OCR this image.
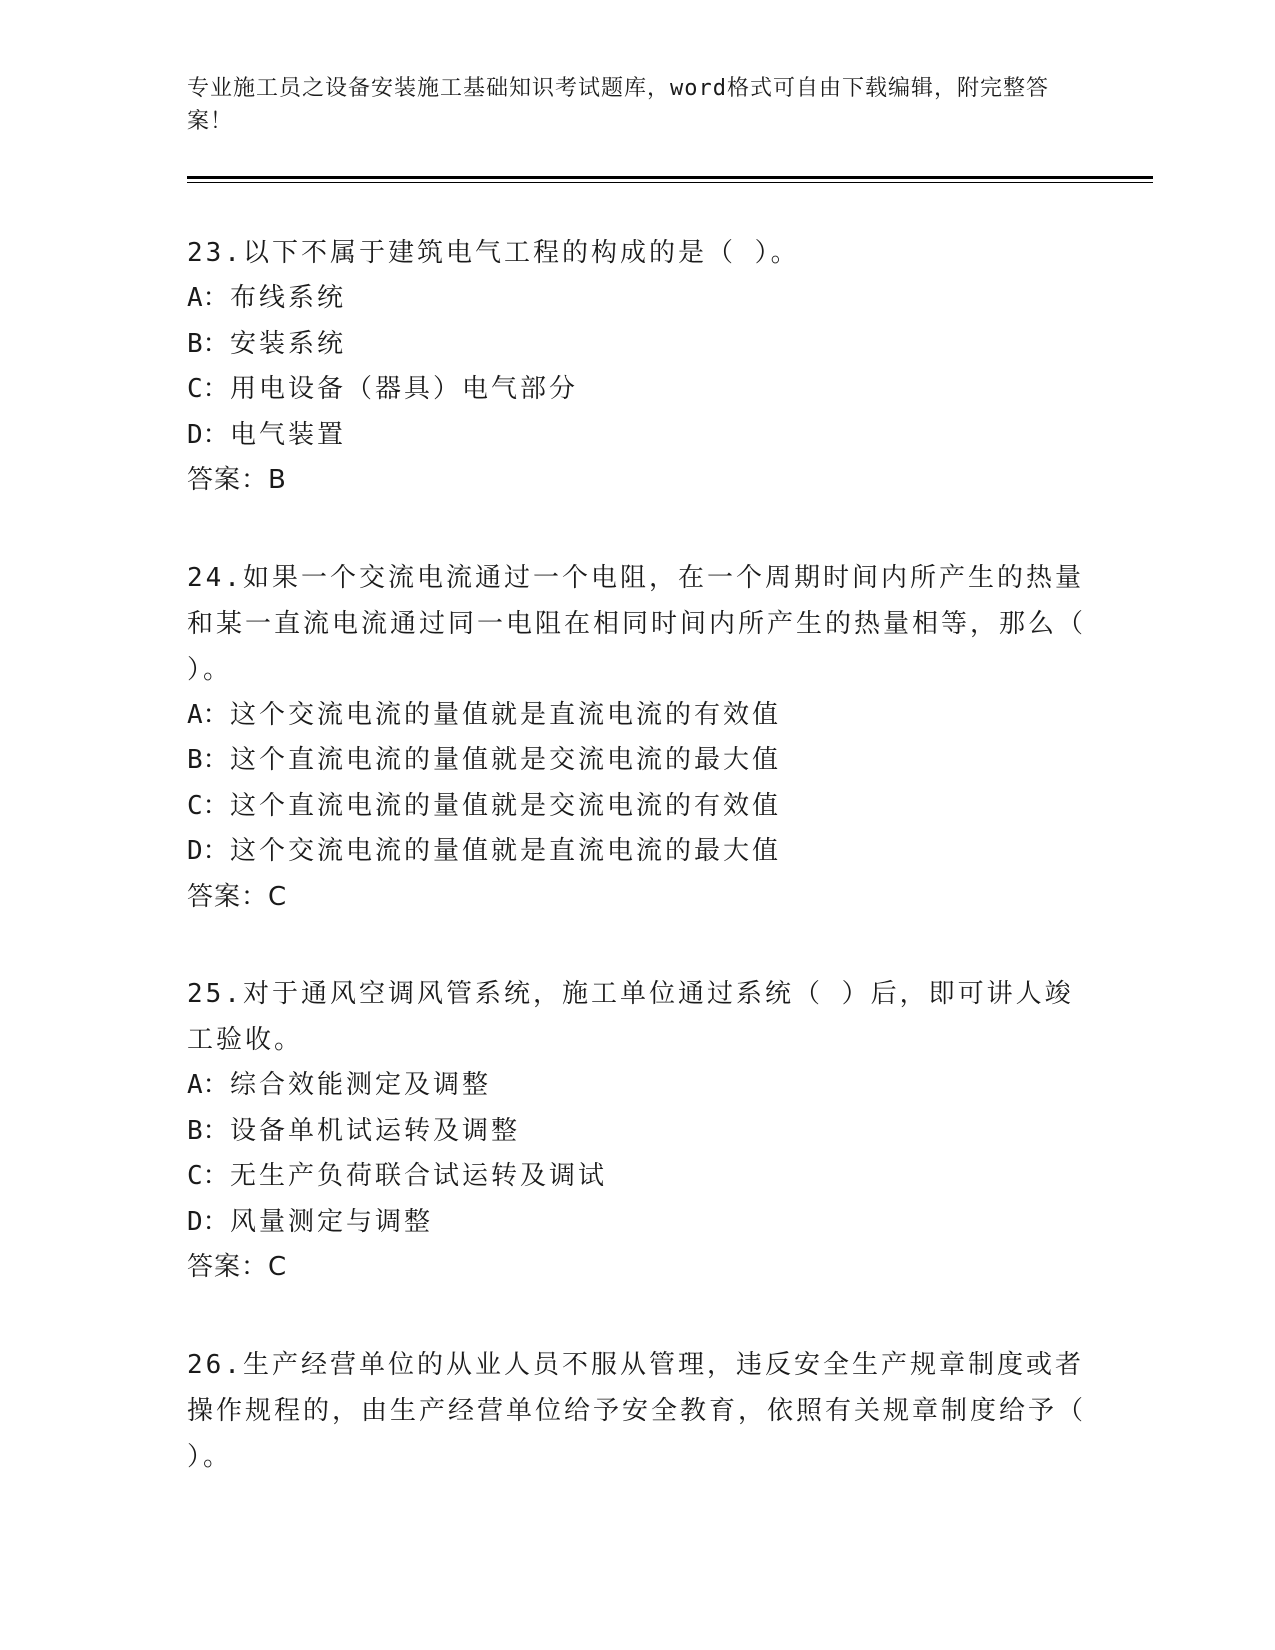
专业施工员之设备安装施工基础知识考试题库，word格式可自由下载编辑，附完整答案！

23.以下不属于建筑电气工程的构成的是（ ）。

A：布线系统

B：安装系统

C：用电设备（器具）电气部分

D：电气装置

答案：B

24.如果一个交流电流通过一个电阻，在一个周期时间内所产生的热量和某一直流电流通过同一电阻在相同时间内所产生的热量相等，那么（ ）。

A：这个交流电流的量值就是直流电流的有效值

B：这个直流电流的量值就是交流电流的最大值

C：这个直流电流的量值就是交流电流的有效值

D：这个交流电流的量值就是直流电流的最大值

答案：C

25.对于通风空调风管系统，施工单位通过系统（ ）后，即可讲人竣工验收。

A：综合效能测定及调整

B：设备单机试运转及调整

C：无生产负荷联合试运转及调试

D：风量测定与调整

答案：C

26.生产经营单位的从业人员不服从管理，违反安全生产规章制度或者操作规程的，由生产经营单位给予安全教育，依照有关规章制度给予（ ）。
